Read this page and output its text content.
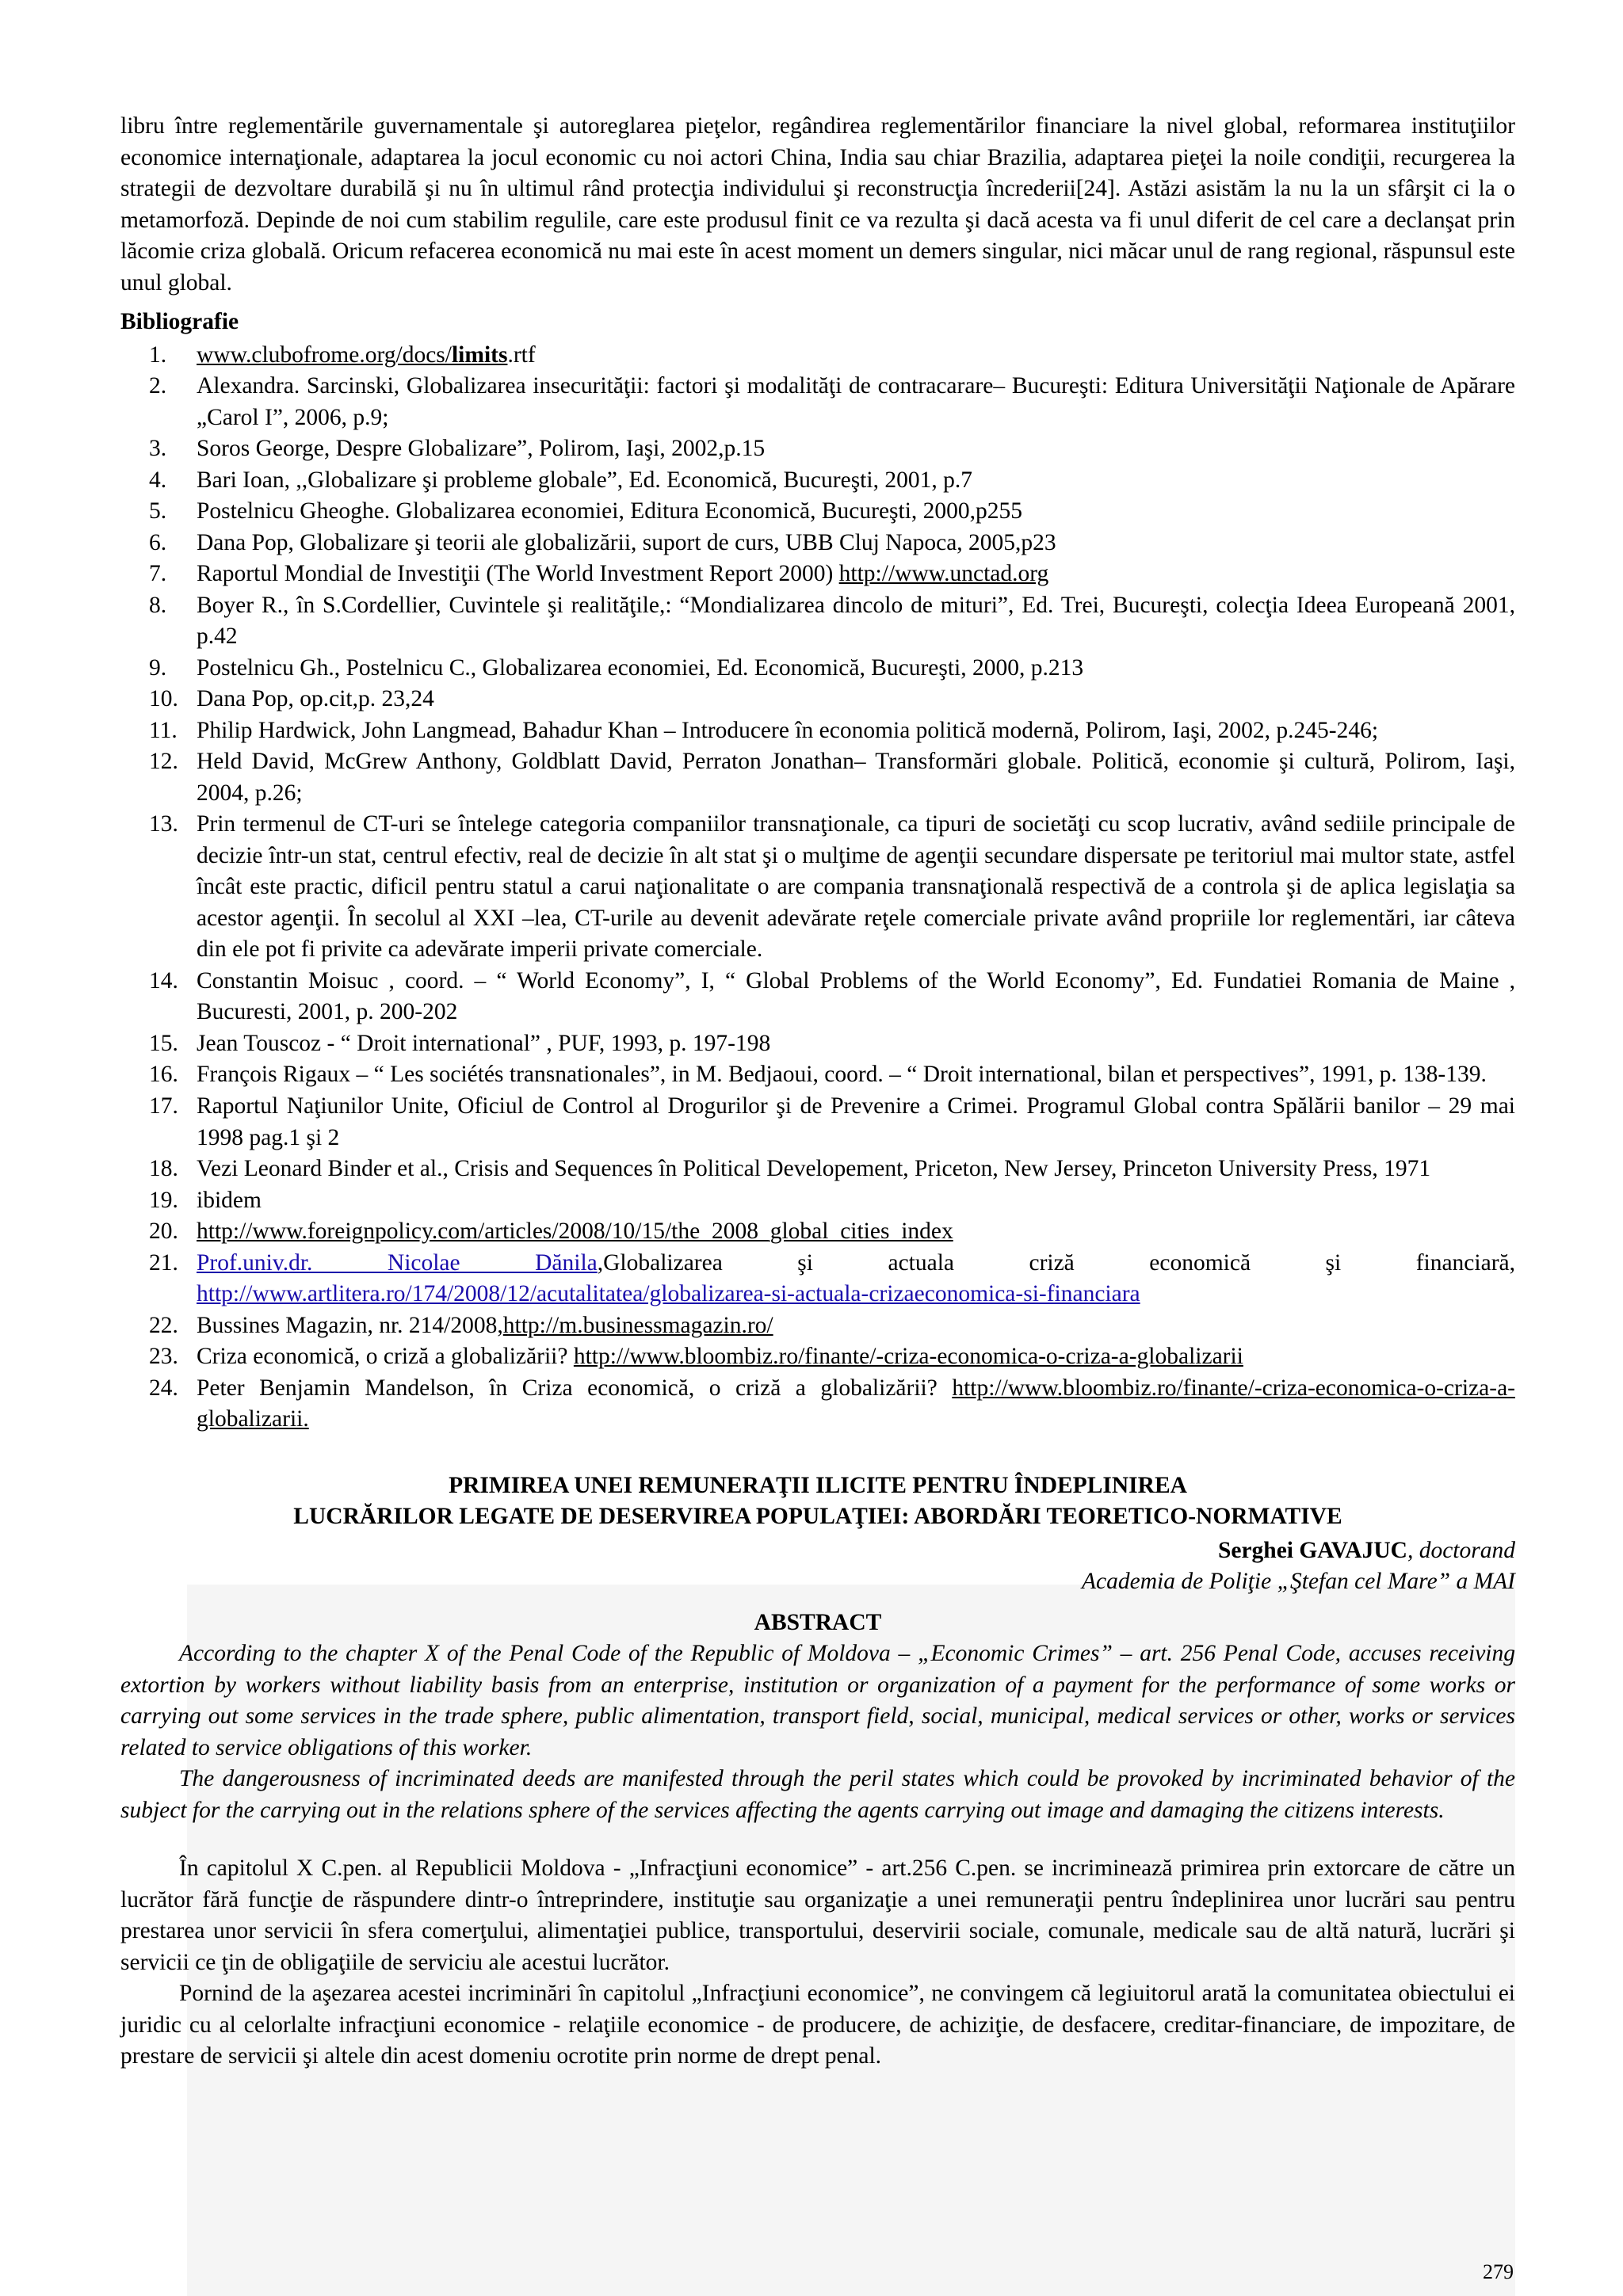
libru între reglementările guvernamentale şi autoreglarea pieţelor, regândirea reglementărilor financiare la nivel global, reformarea instituţiilor economice internaţionale, adaptarea la jocul economic cu noi actori China, India sau chiar Brazilia, adaptarea pieţei la noile condiţii, recurgerea la strategii de dezvoltare durabilă şi nu în ultimul rând protecţia individului şi reconstrucţia încrederii[24]. Astăzi asistăm la nu la un sfârşit ci la o metamorfoză. Depinde de noi cum stabilim regulile, care este produsul finit ce va rezulta şi dacă acesta va fi unul diferit de cel care a declanşat prin lăcomie criza globală. Oricum refacerea economică nu mai este în acest moment un demers singular, nici măcar unul de rang regional, răspunsul este unul global.

Bibliografie
1. www.clubofrome.org/docs/limits.rtf
2. Alexandra. Sarcinski, Globalizarea insecurităţii: factori şi modalităţi de contracarare– Bucureşti: Editura Universităţii Naţionale de Apărare „Carol I”, 2006, p.9;
3. Soros George, Despre Globalizare”, Polirom, Iaşi, 2002,p.15
4. Bari Ioan, ,,Globalizare şi probleme globale”, Ed. Economică, Bucureşti, 2001, p.7
5. Postelnicu Gheoghe. Globalizarea economiei, Editura Economică, Bucureşti, 2000,p255
6. Dana Pop, Globalizare şi teorii ale globalizării, suport de curs, UBB Cluj Napoca, 2005,p23
7. Raportul Mondial de Investiţii (The World Investment Report 2000) http://www.unctad.org
8. Boyer R., în S.Cordellier, Cuvintele şi realităţile,: “Mondializarea dincolo de mituri”, Ed. Trei, Bucureşti, colecţia Ideea Europeană 2001, p.42
9. Postelnicu Gh., Postelnicu C., Globalizarea economiei, Ed. Economică, Bucureşti, 2000, p.213
10. Dana Pop, op.cit,p. 23,24
11. Philip Hardwick, John Langmead, Bahadur Khan – Introducere în economia politică modernă, Polirom, Iaşi, 2002, p.245-246;
12. Held David, McGrew Anthony, Goldblatt David, Perraton Jonathan– Transformări globale. Politică, economie şi cultură, Polirom, Iaşi, 2004, p.26;
13. Prin termenul de CT-uri se întelege categoria companiilor transnaţionale, ca tipuri de societăţi cu scop lucrativ, având sediile principale de decizie într-un stat, centrul efectiv, real de decizie în alt stat şi o mulţime de agenţii secundare dispersate pe teritoriul mai multor state, astfel încât este practic, dificil pentru statul a carui naţionalitate o are compania transnaţională respectivă de a controla şi de aplica legislaţia sa acestor agenţii. În secolul al XXI –lea, CT-urile au devenit adevărate reţele comerciale private având propriile lor reglementări, iar câteva din ele pot fi privite ca adevărate imperii private comerciale.
14. Constantin Moisuc , coord. – “ World Economy”, I, “ Global Problems of the World Economy”, Ed. Fundatiei Romania de Maine , Bucuresti, 2001, p. 200-202
15. Jean Touscoz - “ Droit international” , PUF, 1993, p. 197-198
16. François Rigaux – “ Les sociétés transnationales”, in M. Bedjaoui, coord. – “ Droit international, bilan et perspectives”, 1991, p. 138-139.
17. Raportul Naţiunilor Unite, Oficiul de Control al Drogurilor şi de Prevenire a Crimei. Programul Global contra Spălării banilor – 29 mai 1998 pag.1 şi 2
18. Vezi Leonard Binder et al., Crisis and Sequences în Political Developement, Priceton, New Jersey, Princeton University Press, 1971
19. ibidem
20. http://www.foreignpolicy.com/articles/2008/10/15/the_2008_global_cities_index
21. Prof.univ.dr. Nicolae Dănila,Globalizarea şi actuala criză economică şi financiară, http://www.artlitera.ro/174/2008/12/acutalitatea/globalizarea-si-actuala-crizaeconomica-si-financiara
22. Bussines Magazin, nr. 214/2008,http://m.businessmagazin.ro/
23. Criza economică, o criză a globalizării? http://www.bloombiz.ro/finante/-criza-economica-o-criza-a-globalizarii
24. Peter Benjamin Mandelson, în Criza economică, o criză a globalizării? http://www.bloombiz.ro/finante/-criza-economica-o-criza-a-globalizarii.
PRIMIREA UNEI REMUNERAŢII ILICITE PENTRU ÎNDEPLINIREA
LUCRĂRILOR LEGATE DE DESERVIREA POPULAŢIEI: ABORDĂRI TEORETICO-NORMATIVE
Serghei GAVAJUC, doctorand
Academia de Poliţie „Ştefan cel Mare” a MAI
ABSTRACT

According to the chapter X of the Penal Code of the Republic of Moldova – „Economic Crimes” – art. 256 Penal Code, accuses receiving extortion by workers without liability basis from an enterprise, institution or organization of a payment for the performance of some works or carrying out some services in the trade sphere, public alimentation, transport field, social, municipal, medical services or other, works or services related to service obligations of this worker.

The dangerousness of incriminated deeds are manifested through the peril states which could be provoked by incriminated behavior of the subject for the carrying out in the relations sphere of the services affecting the agents carrying out image and damaging the citizens interests.

În capitolul X C.pen. al Republicii Moldova - „Infracţiuni economice” - art.256 C.pen. se incriminează primirea prin extorcare de către un lucrător fără funcţie de răspundere dintr-o întreprindere, instituţie sau organizaţie a unei remuneraţii pentru îndeplinirea unor lucrări sau pentru prestarea unor servicii în sfera comerţului, alimentaţiei publice, transportului, deservirii sociale, comunale, medicale sau de altă natură, lucrări şi servicii ce ţin de obligaţiile de serviciu ale acestui lucrător.

Pornind de la aşezarea acestei incriminări în capitolul „Infracţiuni economice”, ne convingem că legiuitorul arată la comunitatea obiectului ei juridic cu al celorlalte infracţiuni economice - relaţiile economice - de producere, de achiziţie, de desfacere, creditar-financiare, de impozitare, de prestare de servicii şi altele din acest domeniu ocrotite prin norme de drept penal.

279
